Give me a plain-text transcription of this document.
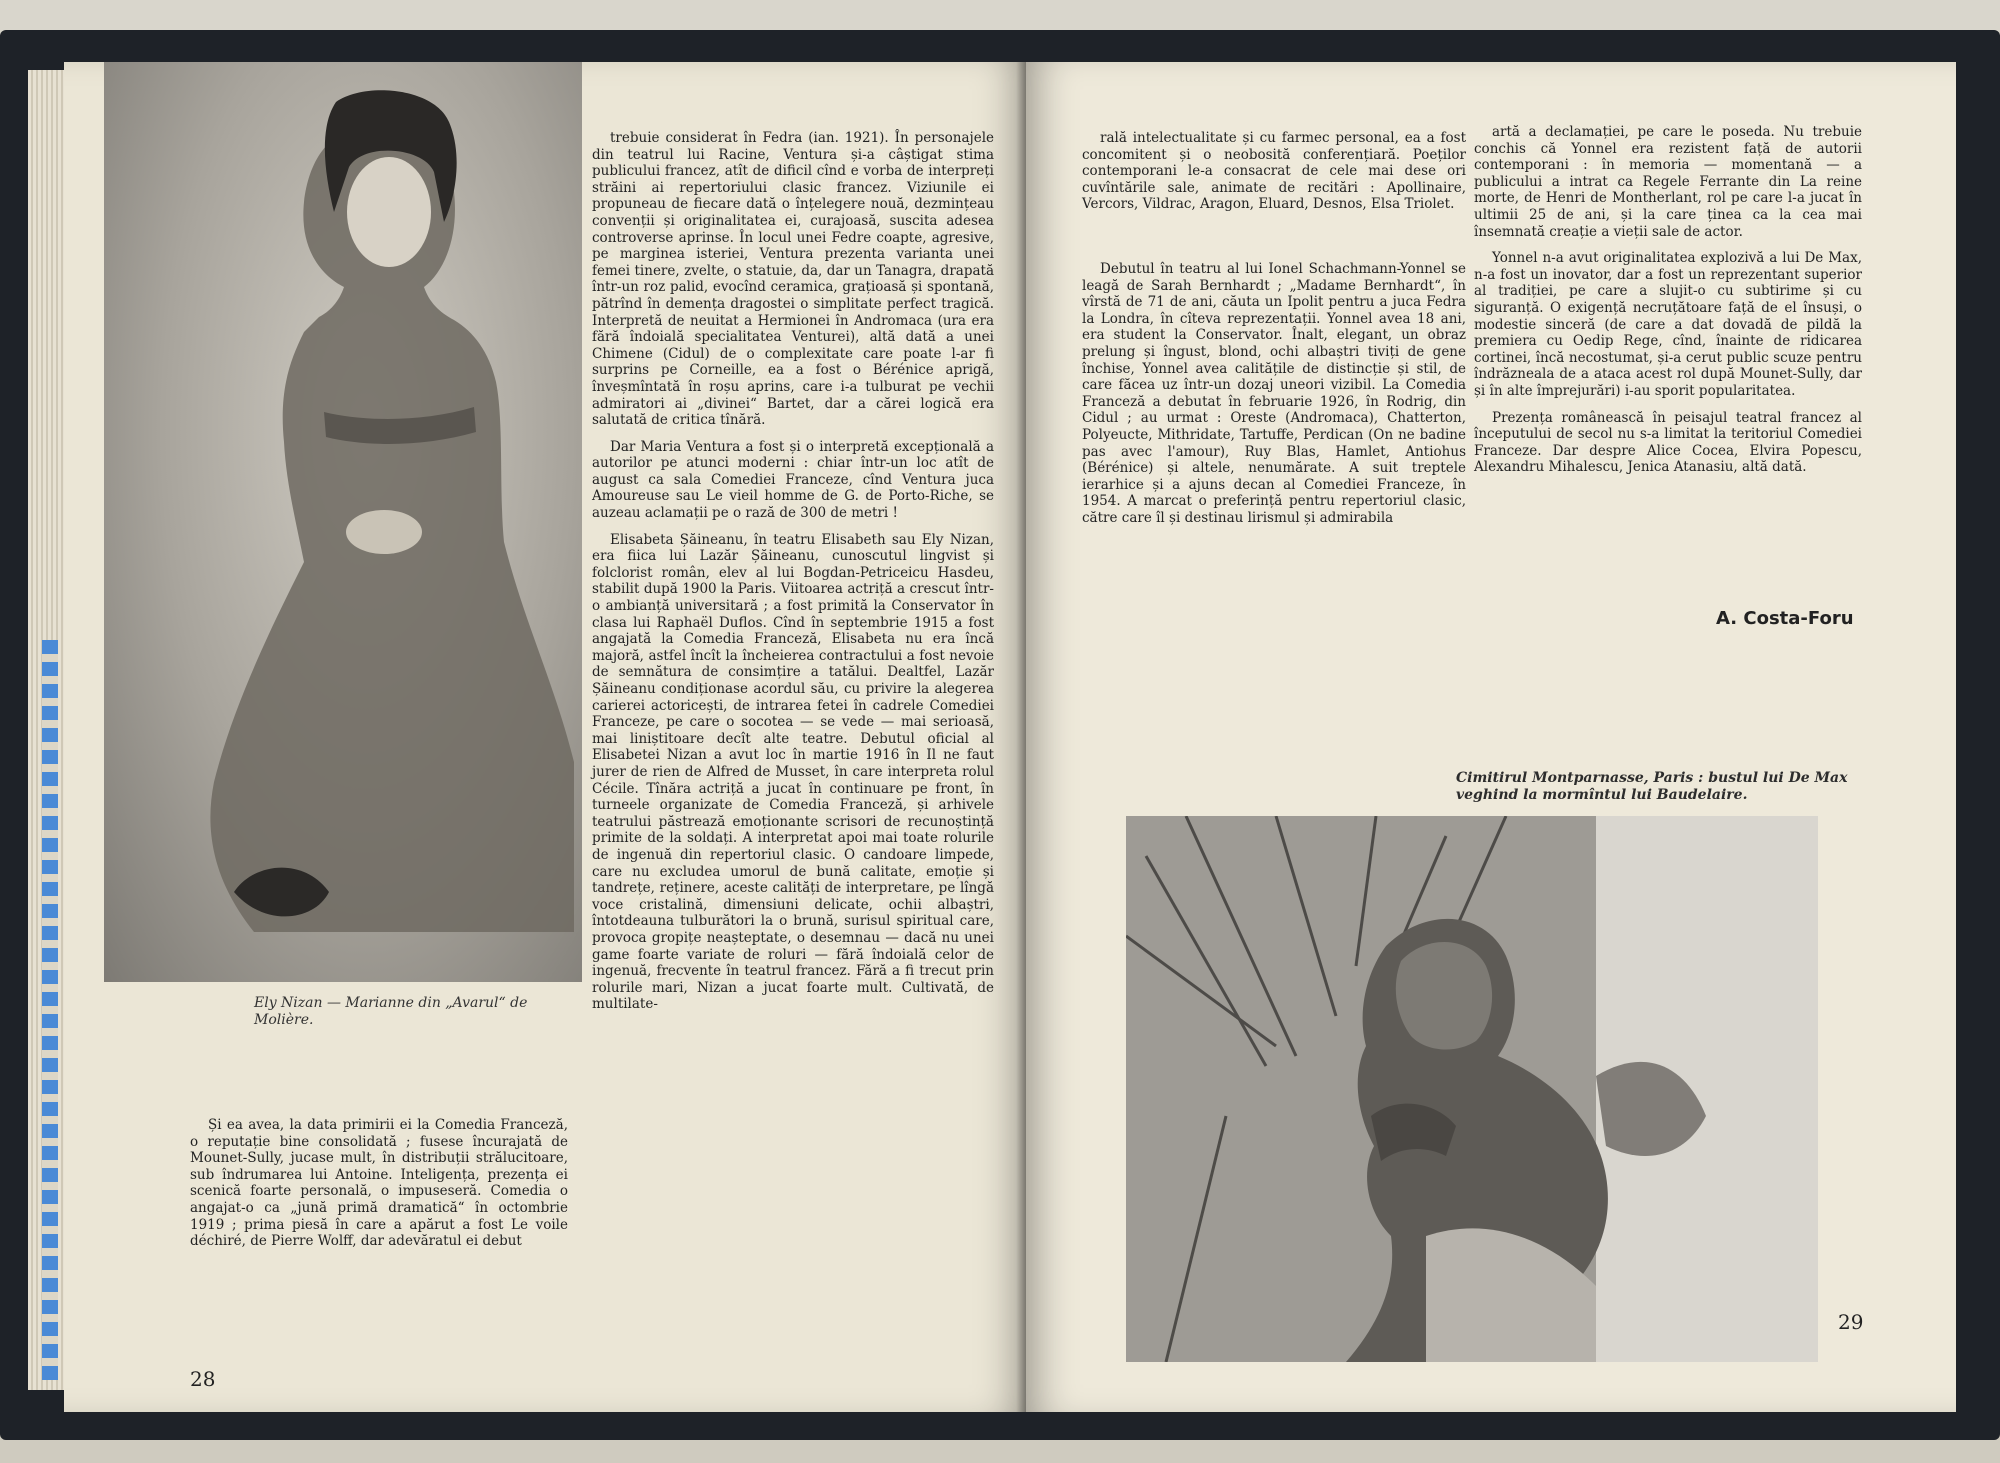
Ely Nizan — Marianne din „Avarul“ de Molière.

Și ea avea, la data primirii ei la Comedia Franceză, o reputație bine consolidată ; fusese încurajată de Mounet-Sully, jucase mult, în distribuții strălucitoare, sub îndrumarea lui Antoine. Inteligența, prezența ei scenică foarte personală, o impuseseră. Comedia o angajat-o ca „jună primă dramatică“ în octombrie 1919 ; prima piesă în care a apărut a fost Le voile déchiré, de Pierre Wolff, dar adevăratul ei debut

trebuie considerat în Fedra (ian. 1921). În personajele din teatrul lui Racine, Ventura și-a câștigat stima publicului francez, atît de dificil cînd e vorba de interpreți străini ai repertoriului clasic francez. Viziunile ei propuneau de fiecare dată o înțelegere nouă, dezmințeau convenții și originalitatea ei, curajoasă, suscita adesea controverse aprinse. În locul unei Fedre coapte, agresive, pe marginea isteriei, Ventura prezenta varianta unei femei tinere, zvelte, o statuie, da, dar un Tanagra, drapată într-un roz palid, evocînd ceramica, grațioasă și spontană, pătrînd în demența dragostei o simplitate perfect tragică. Interpretă de neuitat a Hermionei în Andromaca (ura era fără îndoială specialitatea Venturei), altă dată a unei Chimene (Cidul) de o complexitate care poate l-ar fi surprins pe Corneille, ea a fost o Bérénice aprigă, înveșmîntată în roșu aprins, care i-a tulburat pe vechii admiratori ai „divinei“ Bartet, dar a cărei logică era salutată de critica tînără.

Dar Maria Ventura a fost și o interpretă excepțională a autorilor pe atunci moderni : chiar într-un loc atît de august ca sala Comediei Franceze, cînd Ventura juca Amoureuse sau Le vieil homme de G. de Porto-Riche, se auzeau aclamații pe o rază de 300 de metri !

Elisabeta Șăineanu, în teatru Elisabeth sau Ely Nizan, era fiica lui Lazăr Șăineanu, cunoscutul lingvist și folclorist român, elev al lui Bogdan-Petriceicu Hasdeu, stabilit după 1900 la Paris. Viitoarea actriță a crescut într-o ambianță universitară ; a fost primită la Conservator în clasa lui Raphaël Duflos. Cînd în septembrie 1915 a fost angajată la Comedia Franceză, Elisabeta nu era încă majoră, astfel încît la încheierea contractului a fost nevoie de semnătura de consimțire a tatălui. Dealtfel, Lazăr Șăineanu condiționase acordul său, cu privire la alegerea carierei actoricești, de intrarea fetei în cadrele Comediei Franceze, pe care o socotea — se vede — mai serioasă, mai liniștitoare decît alte teatre. Debutul oficial al Elisabetei Nizan a avut loc în martie 1916 în Il ne faut jurer de rien de Alfred de Musset, în care interpreta rolul Cécile. Tînăra actriță a jucat în continuare pe front, în turneele organizate de Comedia Franceză, și arhivele teatrului păstrează emoționante scrisori de recunoștință primite de la soldați. A interpretat apoi mai toate rolurile de ingenuă din repertoriul clasic. O candoare limpede, care nu excludea umorul de bună calitate, emoție și tandrețe, reținere, aceste calități de interpretare, pe lîngă voce cristalină, dimensiuni delicate, ochii albaștri, întotdeauna tulburători la o brună, surisul spiritual care, provoca gropițe neașteptate, o desemnau — dacă nu unei game foarte variate de roluri — fără îndoială celor de ingenuă, frecvente în teatrul francez. Fără a fi trecut prin rolurile mari, Nizan a jucat foarte mult. Cultivată, de multilate-

28

rală intelectualitate și cu farmec personal, ea a fost concomitent și o neobosită conferențiară. Poeților contemporani le-a consacrat de cele mai dese ori cuvîntările sale, animate de recitări : Apollinaire, Vercors, Vildrac, Aragon, Eluard, Desnos, Elsa Triolet.

Debutul în teatru al lui Ionel Schachmann-Yonnel se leagă de Sarah Bernhardt ; „Madame Bernhardt“, în vîrstă de 71 de ani, căuta un Ipolit pentru a juca Fedra la Londra, în cîteva reprezentații. Yonnel avea 18 ani, era student la Conservator. Înalt, elegant, un obraz prelung și îngust, blond, ochi albaștri tiviți de gene închise, Yonnel avea calitățile de distincție și stil, de care făcea uz într-un dozaj uneori vizibil. La Comedia Franceză a debutat în februarie 1926, în Rodrig, din Cidul ; au urmat : Oreste (Andromaca), Chatterton, Polyeucte, Mithridate, Tartuffe, Perdican (On ne badine pas avec l'amour), Ruy Blas, Hamlet, Antiohus (Bérénice) și altele, nenumărate. A suit treptele ierarhice și a ajuns decan al Comediei Franceze, în 1954. A marcat o preferință pentru repertoriul clasic, către care îl și destinau lirismul și admirabila

artă a declamației, pe care le poseda. Nu trebuie conchis că Yonnel era rezistent față de autorii contemporani : în memoria — momentană — a publicului a intrat ca Regele Ferrante din La reine morte, de Henri de Montherlant, rol pe care l-a jucat în ultimii 25 de ani, și la care ținea ca la cea mai însemnată creație a vieții sale de actor.

Yonnel n-a avut originalitatea explozivă a lui De Max, n-a fost un inovator, dar a fost un reprezentant superior al tradiției, pe care a slujit-o cu subtirime și cu siguranță. O exigență necruțătoare față de el însuși, o modestie sinceră (de care a dat dovadă de pildă la premiera cu Oedip Rege, cînd, înainte de ridicarea cortinei, încă necostumat, și-a cerut public scuze pentru îndrăzneala de a ataca acest rol după Mounet-Sully, dar și în alte împrejurări) i-au sporit popularitatea.

Prezența românească în peisajul teatral francez al începutului de secol nu s-a limitat la teritoriul Comediei Franceze. Dar despre Alice Cocea, Elvira Popescu, Alexandru Mihalescu, Jenica Atanasiu, altă dată.

A. Costa-Foru
Cimitirul Montparnasse, Paris : bustul lui De Max veghind la mormîntul lui Baudelaire.
29
